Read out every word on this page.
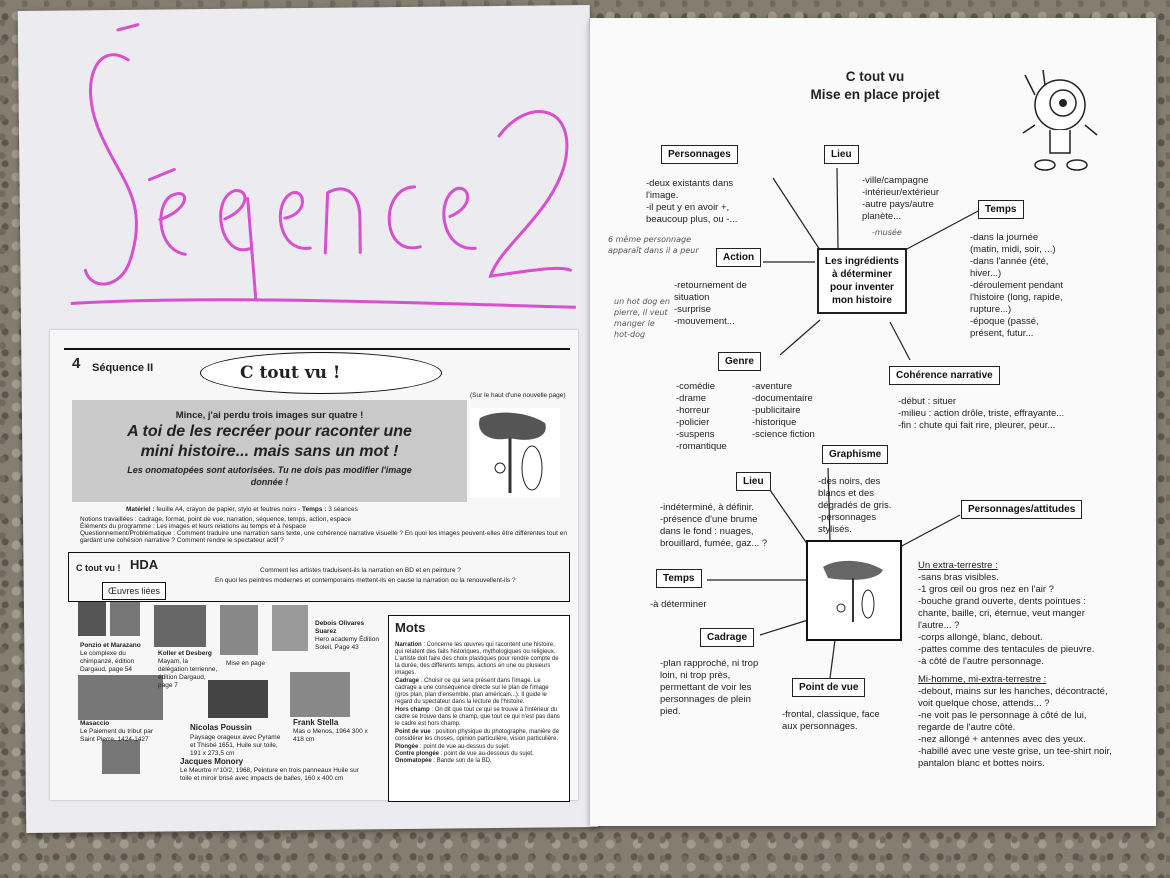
4 Séquence II	C tout vu !
(Sur le haut d'une nouvelle page)
Mince, j'ai perdu trois images sur quatre !
A toi de les recréer pour raconter une
mini histoire... mais sans un mot !
Les onomatopées sont autorisées. Tu ne dois pas modifier l'image
donnée !
Matériel : feuille A4, crayon de papier, stylo et feutres noirs - Temps : 3 séances
Notions travaillées : cadrage, format, point de vue, narration, séquence, temps, action, espace
Éléments du programme : Les images et leurs relations au temps et à l'espace
Questionnement/Problématique : Comment traduire une narration sans texte, une cohérence narrative visuelle ? En quoi les images peuvent-elles être différentes tout en
gardant une cohésion narrative ? Comment rendre le spectateur actif ?
C tout vu ! HDA	Comment les artistes traduisent-ils la narration en BD et en peinture ?
En quoi les peintres modernes et contemporains mettent-ils en cause la narration ou la renouvellent-ils ?
Œuvres liées
Ponzio et Marazano
Le complexe du chimpanzé, édition Dargaud, page 54
Koller et Desberg
Mayam, la délégation terrienne, édition Dargaud, page 7
Mise en page
Debois Olivares Suarez
Hero academy Édition Soleil, Page 43
Masaccio
Le Paiement du tribut par Saint Pierre, 1424-1427
Nicolas Poussin
Paysage orageux avec Pyrame et Thisbé 1651, Huile sur toile, 191 x 273,5 cm
Frank Stella
Mas o Menos, 1964 300 x 418 cm
Jacques Monory
Le Meurtre n°10/2, 1968, Peinture en trois panneaux Huile sur toile et miroir brisé avec impacts de balles, 160 x 400 cm
Mots
Narration : Concerne les œuvres qui racontent une histoire, qui relatent des faits historiques, mythologiques ou religieux. L'artiste doit faire des choix plastiques pour rendre compte de la durée, des différents temps, actions en une ou plusieurs images.
Cadrage : Choisir ce qui sera présent dans l'image. Le cadrage a une conséquence directe sur le plan de l'image (gros plan, plan d'ensemble, plan américain...). Il guide le regard du spectateur dans la lecture de l'histoire.
Hors champ : On dit que tout ce qui se trouve à l'intérieur du cadre se trouve dans le champ, que tout ce qui n'est pas dans le cadre est hors champ.
Point de vue : position physique du photographe, manière de considérer les choses, opinion particulière, vision particulière.
Plongée : point de vue au-dessus du sujet.
Contre plongée : point de vue au-dessous du sujet.
Onomatopée : Bande son de la BD.
C tout vu
Mise en place projet
Les ingrédients à déterminer pour inventer mon histoire
Personnages
-deux existants dans
l'image.
-il peut y en avoir +,
beaucoup plus, ou -...
Lieu
-ville/campagne
-intérieur/extérieur
-autre pays/autre
planète...
Temps
-dans la journée
(matin, midi, soir, ...)
-dans l'année (été,
hiver...)
-déroulement pendant
l'histoire (long, rapide,
rupture...)
-époque (passé,
présent, futur...
Action
-retournement de
situation
-surprise
-mouvement...
Genre
-comédie
-drame
-horreur
-policier
-suspens
-romantique
-aventure
-documentaire
-publicitaire
-historique
-science fiction
Cohérence narrative
-début : situer
-milieu : action drôle, triste, effrayante...
-fin : chute qui fait rire, pleurer, peur...
6 même personnage apparaît dans il a peur
un hot dog en pierre, il veut manger le hot-dog
-musée
Graphisme
-des noirs, des
blancs et des
dégradés de gris.
-personnages
stylisés.
Lieu
-indéterminé, à définir.
-présence d'une brume
dans le fond : nuages,
brouillard, fumée, gaz... ?
Personnages/attitudes
Un extra-terrestre :
-sans bras visibles.
-1 gros œil ou gros nez en l'air ?
-bouche grand ouverte, dents pointues :
chante, baille, cri, éternue, veut manger
l'autre... ?
-corps allongé, blanc, debout.
-pattes comme des tentacules de pieuvre.
-à côté de l'autre personnage.
Mi-homme, mi-extra-terrestre :
-debout, mains sur les hanches, décontracté,
voit quelque chose, attends... ?
-ne voit pas le personnage à côté de lui,
regarde de l'autre côté.
-nez allongé + antennes avec des yeux.
-habillé avec une veste grise, un tee-shirt noir,
pantalon blanc et bottes noirs.
Temps
-à déterminer
Cadrage
-plan rapproché, ni trop
loin, ni trop près,
permettant de voir les
personnages de plein
pied.
Point de vue
-frontal, classique, face
aux personnages.
